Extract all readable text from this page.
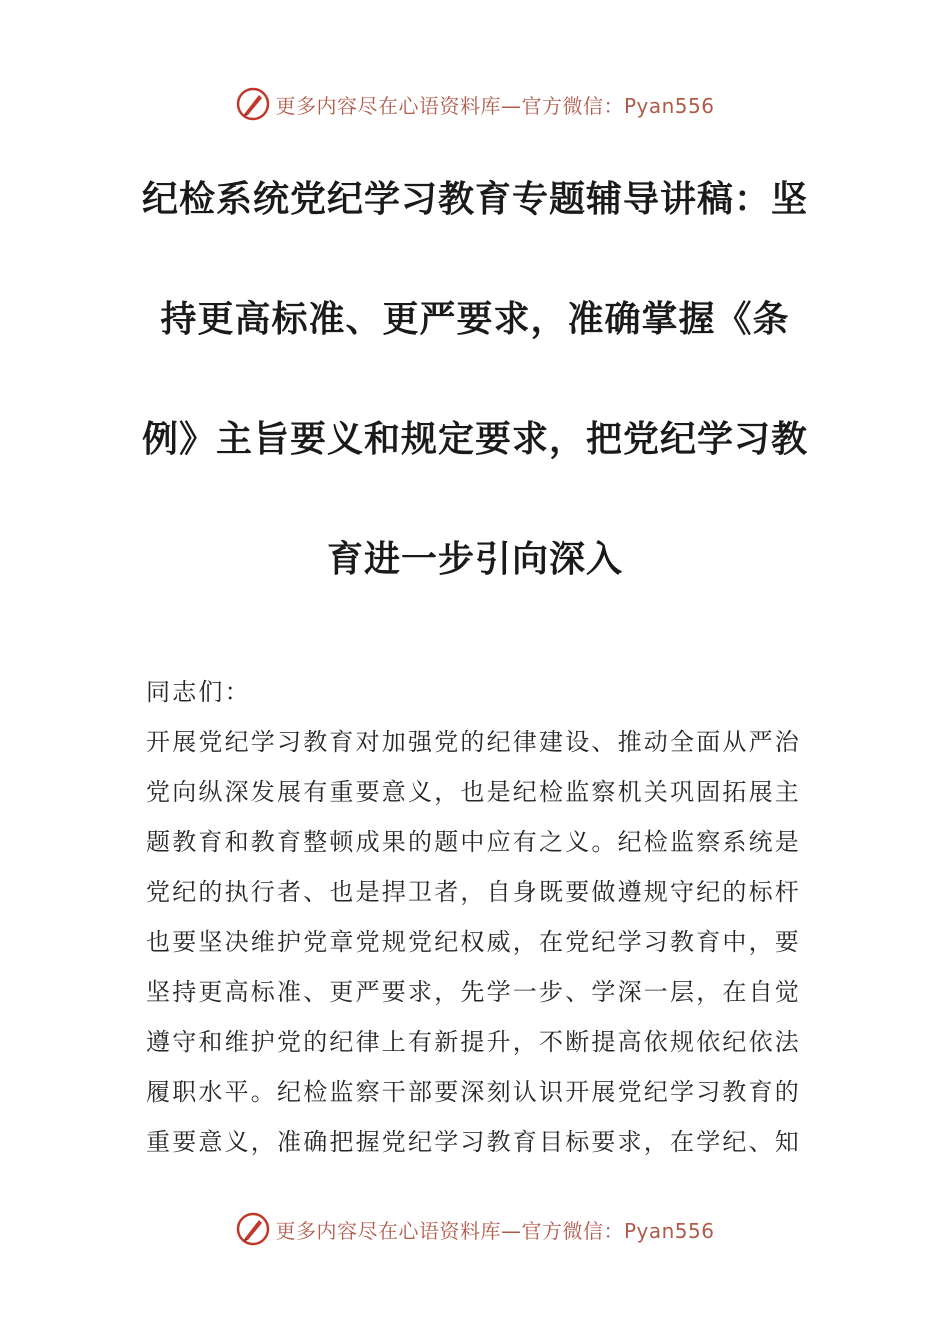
更多内容尽在心语资料库—官方微信：Pyan556
纪检系统党纪学习教育专题辅导讲稿：坚
持更高标准、更严要求，准确掌握《条
例》主旨要义和规定要求，把党纪学习教
育进一步引向深入
同志们：
开展党纪学习教育对加强党的纪律建设、推动全面从严治
党向纵深发展有重要意义，也是纪检监察机关巩固拓展主
题教育和教育整顿成果的题中应有之义。纪检监察系统是
党纪的执行者、也是捍卫者，自身既要做遵规守纪的标杆
也要坚决维护党章党规党纪权威，在党纪学习教育中，要
坚持更高标准、更严要求，先学一步、学深一层，在自觉
遵守和维护党的纪律上有新提升，不断提高依规依纪依法
履职水平。纪检监察干部要深刻认识开展党纪学习教育的
重要意义，准确把握党纪学习教育目标要求，在学纪、知
更多内容尽在心语资料库—官方微信：Pyan556
